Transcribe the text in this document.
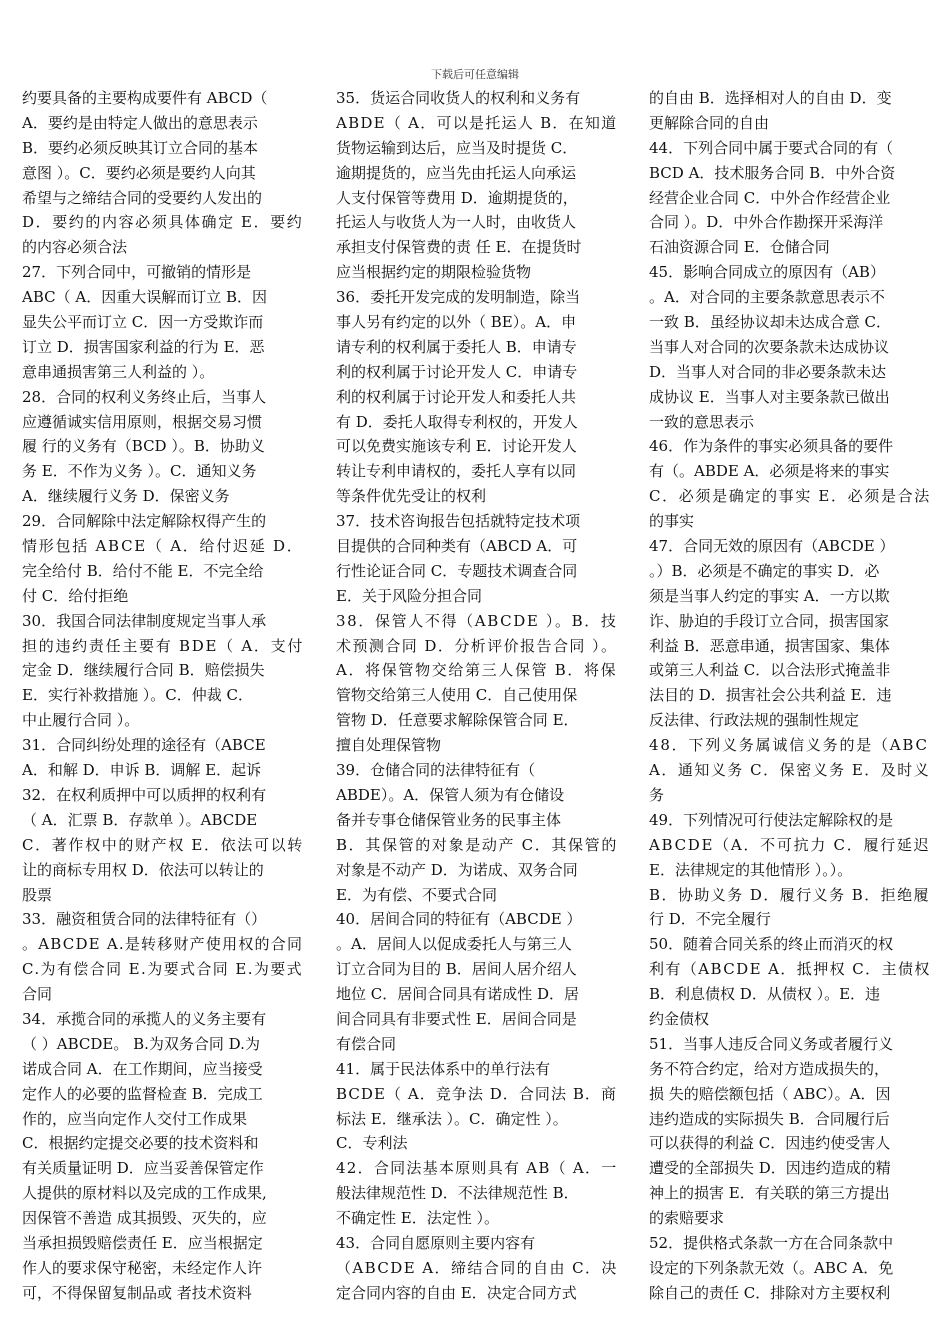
下载后可任意编辑
约要具备的主要构成要件有 ABCD（
A．要约是由特定人做出的意思表示
B．要约必须反映其订立合同的基本
意图 ）。C．要约必须是要约人向其
希望与之缔结合同的受要约人发出的
D．要约的内容必须具体确定 E．要约
的内容必须合法
27．下列合同中，可撤销的情形是
ABC（ A．因重大误解而订立 B．因
显失公平而订立 C．因一方受欺诈而
订立 D．损害国家利益的行为 E．恶
意串通损害第三人利益的 ）。
28．合同的权利义务终止后，当事人
应遵循诚实信用原则，根据交易习惯
履 行的义务有（BCD ）。B．协助义
务 E．不作为义务 ）。C．通知义务
A．继续履行义务 D．保密义务
29．合同解除中法定解除权得产生的
情形包括 ABCE（ A．给付迟延 D．
完全给付 B．给付不能 E．不完全给
付 C．给付拒绝
30．我国合同法律制度规定当事人承
担的违约责任主要有 BDE（ A．支付
定金 D．继续履行合同 B．赔偿损失
E．实行补救措施 ）。C．仲裁 C．
中止履行合同 ）。
31．合同纠纷处理的途径有（ABCE
A．和解 D．申诉 B．调解 E．起诉
32．在权利质押中可以质押的权利有
（ A．汇票 B．存款单 ）。ABCDE
C．著作权中的财产权 E．依法可以转
让的商标专用权 D．依法可以转让的
股票
33．融资租赁合同的法律特征有（）
。ABCDE A.是转移财产使用权的合同
C.为有偿合同 E.为要式合同 E.为要式
合同
34．承揽合同的承揽人的义务主要有
（ ）ABCDE。 B.为双务合同 D.为
诺成合同 A．在工作期间，应当接受
定作人的必要的监督检查 B．完成工
作的，应当向定作人交付工作成果
C．根据约定提交必要的技术资料和
有关质量证明 D．应当妥善保管定作
人提供的原材料以及完成的工作成果,
因保管不善造 成其损毁、灭失的，应
当承担损毁赔偿责任 E．应当根据定
作人的要求保守秘密，未经定作人许
可，不得保留复制品或 者技术资料
35．货运合同收货人的权利和义务有
ABDE（ A．可以是托运人 B．在知道
货物运输到达后，应当及时提货 C．
逾期提货的，应当先由托运人向承运
人支付保管等费用 D．逾期提货的，
托运人与收货人为一人时，由收货人
承担支付保管费的责 任 E．在提货时
应当根据约定的期限检验货物
36．委托开发完成的发明制造，除当
事人另有约定的以外（ BE）。A．申
请专利的权利属于委托人 B．申请专
利的权利属于讨论开发人 C．申请专
利的权利属于讨论开发人和委托人共
有 D．委托人取得专利权的，开发人
可以免费实施该专利 E．讨论开发人
转让专利申请权的，委托人享有以同
等条件优先受让的权利
37．技术咨询报告包括就特定技术项
目提供的合同种类有（ABCD A．可
行性论证合同 C．专题技术调查合同
E．关于风险分担合同
38．保管人不得（ABCDE ）。B．技
术预测合同 D．分析评价报告合同 ）。
A．将保管物交给第三人保管 B．将保
管物交给第三人使用 C．自己使用保
管物 D．任意要求解除保管合同 E．
擅自处理保管物
39．仓储合同的法律特征有（
ABDE）。A．保管人须为有仓储设
备并专事仓储保管业务的民事主体
B．其保管的对象是动产 C．其保管的
对象是不动产 D．为诺成、双务合同
E．为有偿、不要式合同
40．居间合同的特征有（ABCDE ）
。A．居间人以促成委托人与第三人
订立合同为目的 B．居间人居介绍人
地位 C．居间合同具有诺成性 D．居
间合同具有非要式性 E．居间合同是
有偿合同
41．属于民法体系中的单行法有
BCDE（ A．竞争法 D．合同法 B．商
标法 E．继承法 ）。C．确定性 ）。
C．专利法
42．合同法基本原则具有 AB（ A．一
般法律规范性 D．不法律规范性 B．
不确定性 E．法定性 ）。
43．合同自愿原则主要内容有
（ABCDE A．缔结合同的自由 C．决
定合同内容的自由 E．决定合同方式
的自由 B．选择相对人的自由 D．变
更解除合同的自由
44．下列合同中属于要式合同的有（
BCD A．技术服务合同 B．中外合资
经营企业合同 C．中外合作经营企业
合同 ）。D．中外合作勘探开采海洋
石油资源合同 E．仓储合同
45．影响合同成立的原因有（AB）
。A．对合同的主要条款意思表示不
一致 B．虽经协议却未达成合意 C．
当事人对合同的次要条款未达成协议
D．当事人对合同的非必要条款未达
成协议 E．当事人对主要条款已做出
一致的意思表示
46．作为条件的事实必须具备的要件
有（。ABDE A．必须是将来的事实
C．必须是确定的事实 E．必须是合法
的事实
47．合同无效的原因有（ABCDE ）
。）B．必须是不确定的事实 D．必
须是当事人约定的事实 A．一方以欺
诈、胁迫的手段订立合同，损害国家
利益 B．恶意串通，损害国家、集体
或第三人利益 C．以合法形式掩盖非
法目的 D．损害社会公共利益 E．违
反法律、行政法规的强制性规定
48．下列义务属诚信义务的是（ABC
A．通知义务 C．保密义务 E．及时义
务
49．下列情况可行使法定解除权的是
ABCDE（A．不可抗力 C．履行延迟
E．法律规定的其他情形 ）。）。
B．协助义务 D．履行义务 B．拒绝履
行 D．不完全履行
50．随着合同关系的终止而消灭的权
利有（ABCDE A．抵押权 C．主债权
B．利息债权 D．从债权 ）。E．违
约金债权
51．当事人违反合同义务或者履行义
务不符合约定，给对方造成损失的，
损 失的赔偿额包括（ ABC）。A．因
违约造成的实际损失 B．合同履行后
可以获得的利益 C．因违约使受害人
遭受的全部损失 D．因违约造成的精
神上的损害 E．有关联的第三方提出
的索赔要求
52．提供格式条款一方在合同条款中
设定的下列条款无效（。ABC A．免
除自己的责任 C．排除对方主要权利
